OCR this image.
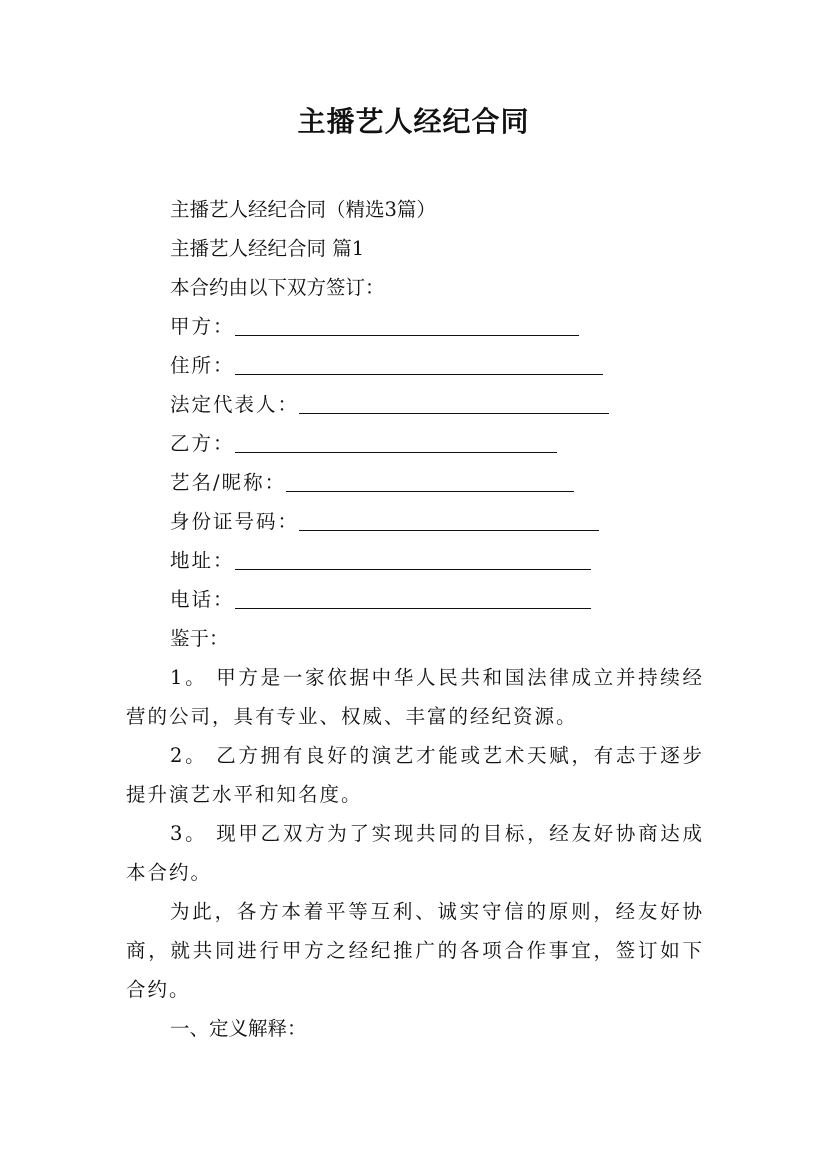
主播艺人经纪合同
主播艺人经纪合同（精选3篇）
主播艺人经纪合同 篇1
本合约由以下双方签订：
甲方：
住所：
法定代表人：
乙方：
艺名/昵称：
身份证号码：
地址：
电话：
鉴于：
1。 甲方是一家依据中华人民共和国法律成立并持续经营的公司，具有专业、权威、丰富的经纪资源。
2。 乙方拥有良好的演艺才能或艺术天赋，有志于逐步提升演艺水平和知名度。
3。 现甲乙双方为了实现共同的目标，经友好协商达成本合约。
为此，各方本着平等互利、诚实守信的原则，经友好协商，就共同进行甲方之经纪推广的各项合作事宜，签订如下合约。
一、定义解释：
